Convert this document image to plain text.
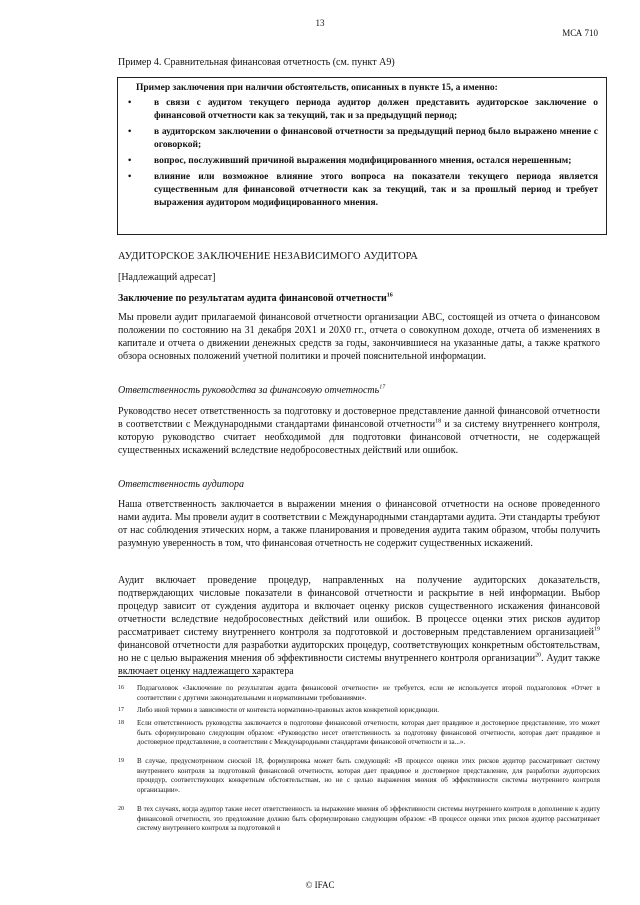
13
МСА 710
Пример 4. Сравнительная финансовая отчетность (см. пункт А9)
Пример заключения при наличии обстоятельств, описанных в пункте 15, а именно:
• в связи с аудитом текущего периода аудитор должен представить аудиторское заключение о финансовой отчетности как за текущий, так и за предыдущий период;
• в аудиторском заключении о финансовой отчетности за предыдущий период было выражено мнение с оговоркой;
• вопрос, послуживший причиной выражения модифицированного мнения, остался нерешенным;
• влияние или возможное влияние этого вопроса на показатели текущего периода является существенным для финансовой отчетности как за текущий, так и за прошлый период и требует выражения аудитором модифицированного мнения.
АУДИТОРСКОЕ ЗАКЛЮЧЕНИЕ НЕЗАВИСИМОГО АУДИТОРА
[Надлежащий адресат]
Заключение по результатам аудита финансовой отчетности$^{16}$

Мы провели аудит прилагаемой финансовой отчетности организации ABC, состоящей из отчета о финансовом положении по состоянию на 31 декабря 20X1 и 20X0 гг., отчета о совокупном доходе, отчета об изменениях в капитале и отчета о движении денежных средств за годы, закончившиеся на указанные даты, а также краткого обзора основных положений учетной политики и прочей пояснительной информации.

Ответственность руководства за финансовую отчетность$^{17}$

Руководство несет ответственность за подготовку и достоверное представление данной финансовой отчетности в соответствии с Международными стандартами финансовой отчетности$^{18}$ и за систему внутреннего контроля, которую руководство считает необходимой для подготовки финансовой отчетности, не содержащей существенных искажений вследствие недобросовестных действий или ошибок.

Ответственность аудитора

Наша ответственность заключается в выражении мнения о финансовой отчетности на основе проведенного нами аудита. Мы провели аудит в соответствии с Международными стандартами аудита. Эти стандарты требуют от нас соблюдения этических норм, а также планирования и проведения аудита таким образом, чтобы получить разумную уверенность в том, что финансовая отчетность не содержит существенных искажений.

Аудит включает проведение процедур, направленных на получение аудиторских доказательств, подтверждающих числовые показатели в финансовой отчетности и раскрытие в ней информации. Выбор процедур зависит от суждения аудитора и включает оценку рисков существенного искажения финансовой отчетности вследствие недобросовестных действий или ошибок. В процессе оценки этих рисков аудитор рассматривает систему внутреннего контроля за подготовкой и достоверным представлением организацией$^{19}$ финансовой отчетности для разработки аудиторских процедур, соответствующих конкретным обстоятельствам, но не с целью выражения мнения об эффективности системы внутреннего контроля организации$^{20}$. Аудит также включает оценку надлежащего характера

16 Подзаголовок «Заключение по результатам аудита финансовой отчетности» не требуется, если не используется второй подзаголовок «Отчет в соответствии с другими законодательными и нормативными требованиями».
17 Либо иной термин в зависимости от контекста нормативно-правовых актов конкретной юрисдикции.
18 Если ответственность руководства заключается в подготовке финансовой отчетности, которая дает правдивое и достоверное представление, это может быть сформулировано следующим образом: «Руководство несет ответственность за подготовку финансовой отчетности, которая дает правдивое и достоверное представление, в соответствии с Международными стандартами финансовой отчетности и за...».
19 В случае, предусмотренном сноской 18, формулировка может быть следующей: «В процессе оценки этих рисков аудитор рассматривает систему внутреннего контроля за подготовкой финансовой отчетности, которая дает правдивое и достоверное представление, для разработки аудиторских процедур, соответствующих конкретным обстоятельствам, но не с целью выражения мнения об эффективности системы внутреннего контроля организации».
20 В тех случаях, когда аудитор также несет ответственность за выражение мнения об эффективности системы внутреннего контроля в дополнение к аудиту финансовой отчетности, это предложение должно быть сформулировано следующим образом: «В процессе оценки этих рисков аудитор рассматривает систему внутреннего контроля за подготовкой и
© IFAC
